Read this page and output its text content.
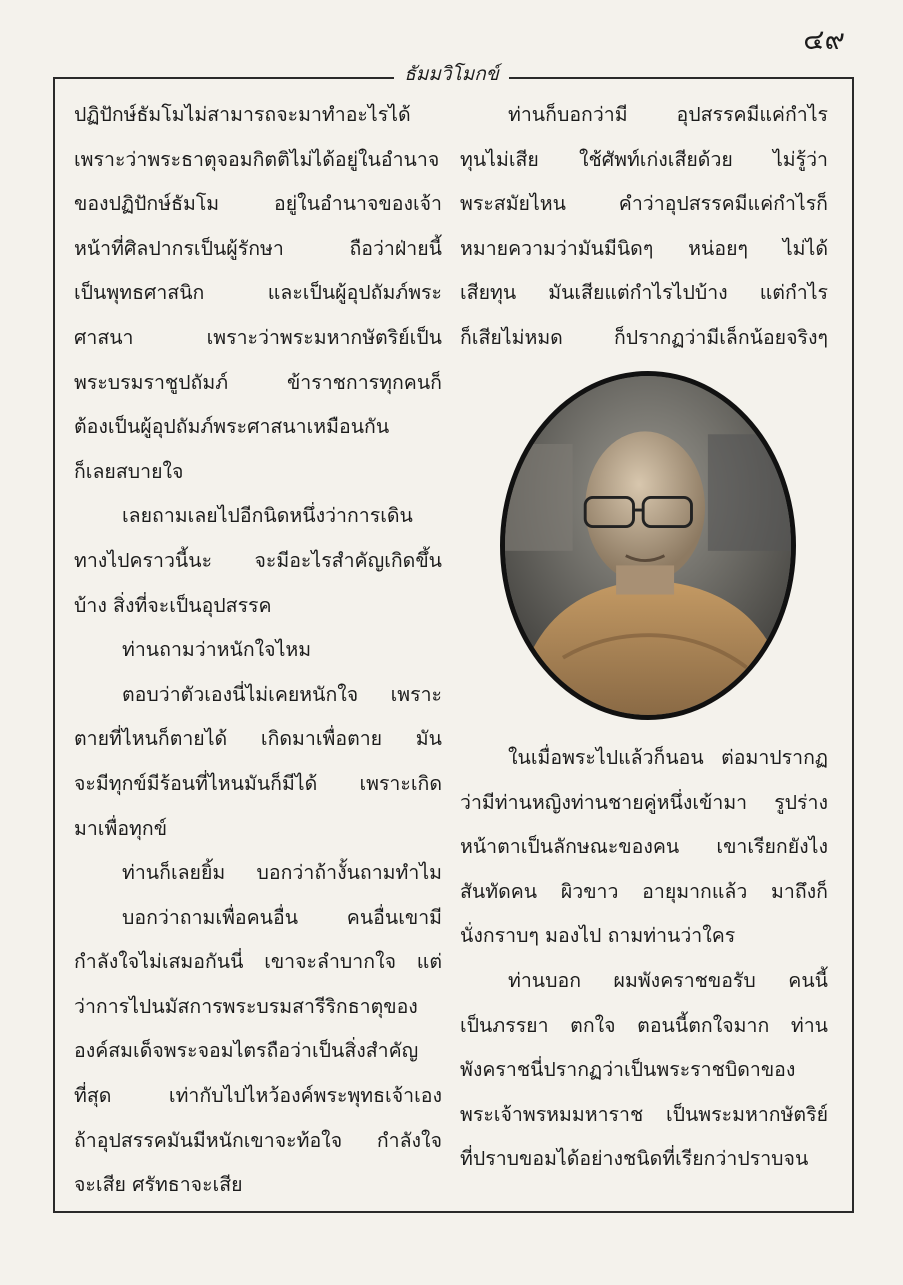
๔๙
ธัมมวิโมกข์
ปฏิปักษ์ธัมโมไม่สามารถจะมาทำอะไรได้
เพราะว่าพระธาตุจอมกิตติไม่ได้อยู่ในอำนาจ
ของปฏิปักษ์ธัมโม อยู่ในอำนาจของเจ้า
หน้าที่ศิลปากรเป็นผู้รักษา ถือว่าฝ่ายนี้
เป็นพุทธศาสนิก และเป็นผู้อุปถัมภ์พระ
ศาสนา เพราะว่าพระมหากษัตริย์เป็น
พระบรมราชูปถัมภ์ ข้าราชการทุกคนก็
ต้องเป็นผู้อุปถัมภ์พระศาสนาเหมือนกัน
ก็เลยสบายใจ
เลยถามเลยไปอีกนิดหนึ่งว่าการเดิน
ทางไปคราวนี้นะ จะมีอะไรสำคัญเกิดขึ้น
บ้าง สิ่งที่จะเป็นอุปสรรค
ท่านถามว่าหนักใจไหม
ตอบว่าตัวเองนี่ไม่เคยหนักใจ เพราะ
ตายที่ไหนก็ตายได้ เกิดมาเพื่อตาย มัน
จะมีทุกข์มีร้อนที่ไหนมันก็มีได้ เพราะเกิด
มาเพื่อทุกข์
ท่านก็เลยยิ้ม บอกว่าถ้างั้นถามทำไม
บอกว่าถามเพื่อคนอื่น คนอื่นเขามี
กำลังใจไม่เสมอกันนี่ เขาจะลำบากใจ แต่
ว่าการไปนมัสการพระบรมสารีริกธาตุของ
องค์สมเด็จพระจอมไตรถือว่าเป็นสิ่งสำคัญ
ที่สุด เท่ากับไปไหว้องค์พระพุทธเจ้าเอง
ถ้าอุปสรรคมันมีหนักเขาจะท้อใจ กำลังใจ
จะเสีย ศรัทธาจะเสีย
ท่านก็บอกว่ามี อุปสรรคมีแค่กำไร
ทุนไม่เสีย ใช้ศัพท์เก่งเสียด้วย ไม่รู้ว่า
พระสมัยไหน คำว่าอุปสรรคมีแค่กำไรก็
หมายความว่ามันมีนิดๆ หน่อยๆ ไม่ได้
เสียทุน มันเสียแต่กำไรไปบ้าง แต่กำไร
ก็เสียไม่หมด ก็ปรากฏว่ามีเล็กน้อยจริงๆ
ในเมื่อพระไปแล้วก็นอน ต่อมาปรากฏ
ว่ามีท่านหญิงท่านชายคู่หนึ่งเข้ามา รูปร่าง
หน้าตาเป็นลักษณะของคน เขาเรียกยังไง
สันทัดคน ผิวขาว อายุมากแล้ว มาถึงก็
นั่งกราบๆ มองไป ถามท่านว่าใคร
ท่านบอก ผมพังคราชขอรับ คนนี้
เป็นภรรยา ตกใจ ตอนนี้ตกใจมาก ท่าน
พังคราชนี่ปรากฏว่าเป็นพระราชบิดาของ
พระเจ้าพรหมมหาราช เป็นพระมหากษัตริย์
ที่ปราบขอมได้อย่างชนิดที่เรียกว่าปราบจน
